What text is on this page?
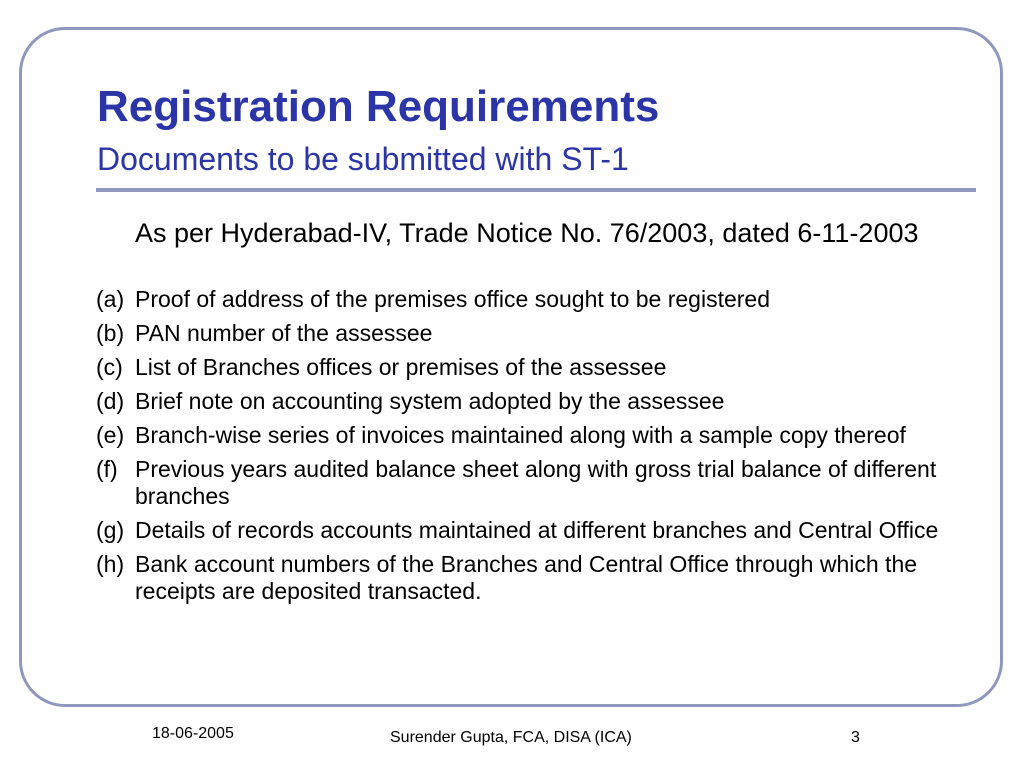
Registration Requirements
Documents to be submitted with ST-1

As per Hyderabad-IV, Trade Notice No. 76/2003, dated 6-11-2003

(a) Proof of address of the premises office sought to be registered
(b) PAN number of the assessee
(c) List of Branches offices or premises of the assessee
(d) Brief note on accounting system adopted by the assessee
(e) Branch-wise series of invoices maintained along with a sample copy thereof
(f) Previous years audited balance sheet along with gross trial balance of different branches
(g) Details of records accounts maintained at different branches and Central Office
(h) Bank account numbers of the Branches and Central Office through which the receipts are deposited transacted.
18-06-2005	Surender Gupta, FCA, DISA (ICA)	3
